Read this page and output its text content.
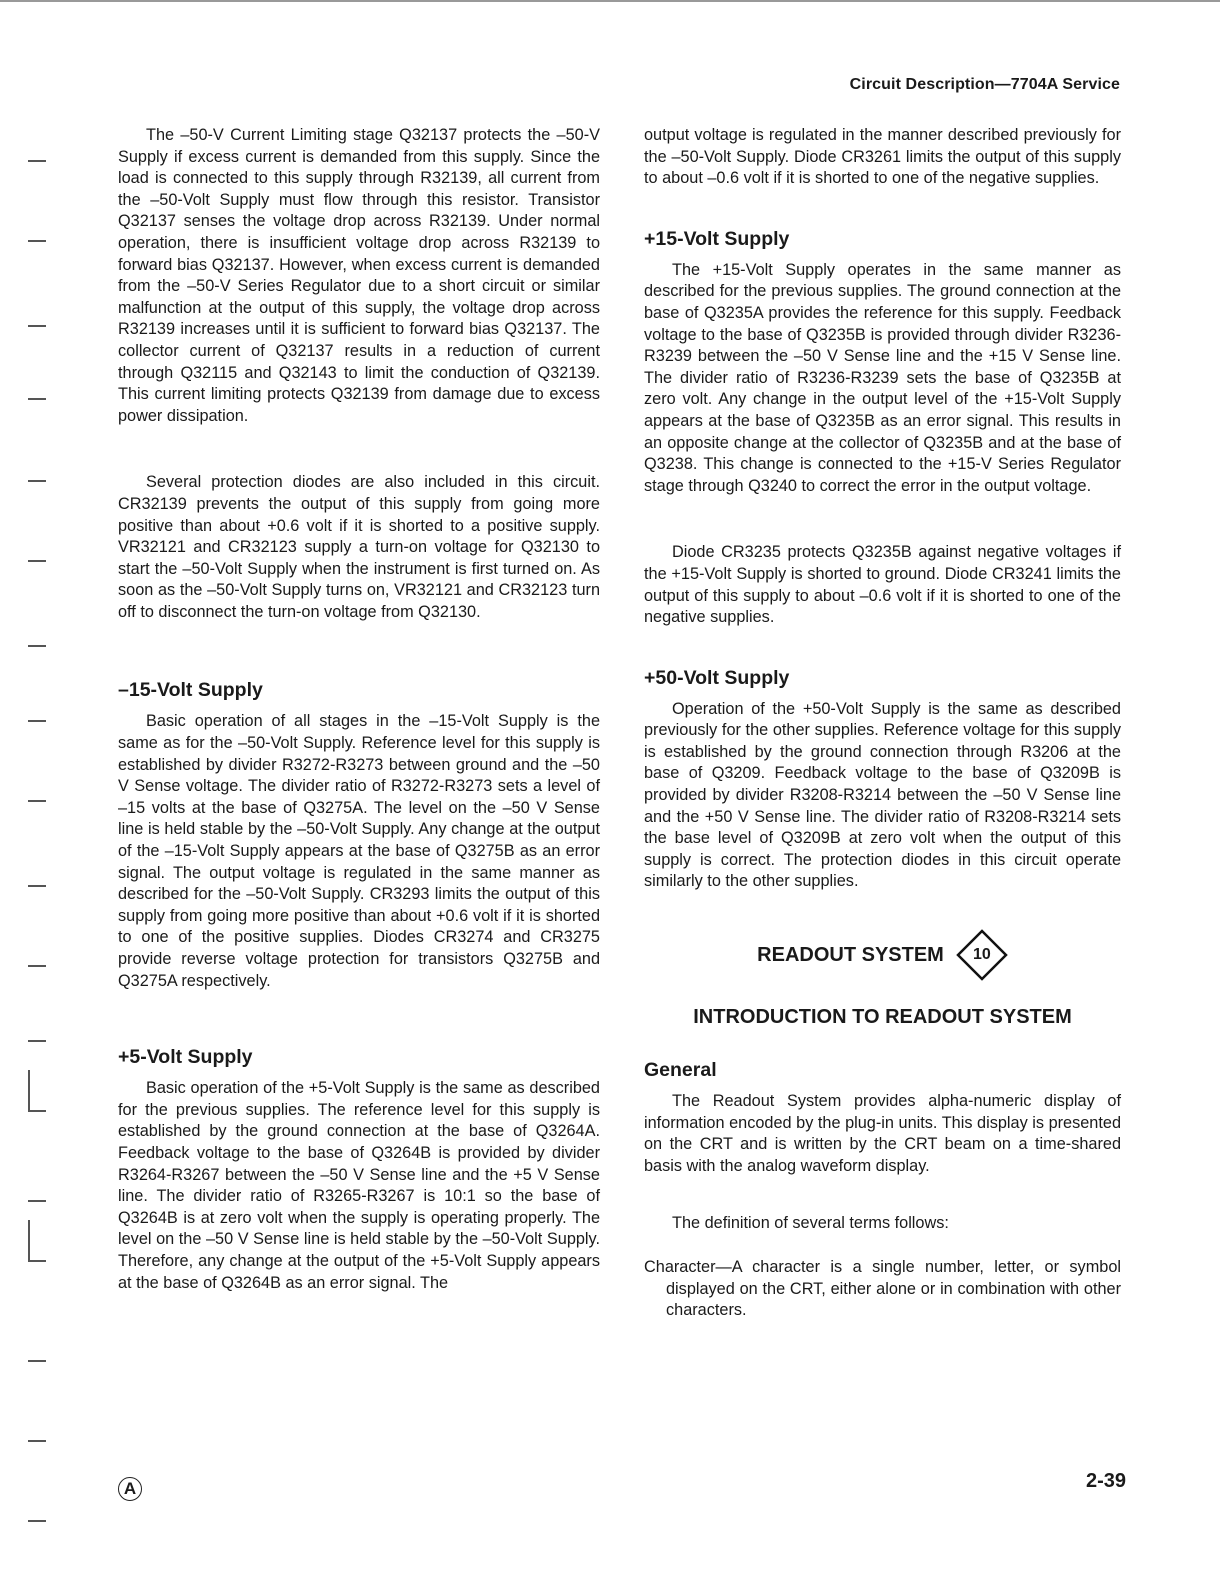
Circuit Description—7704A Service

The –50-V Current Limiting stage Q32137 protects the –50-V Supply if excess current is demanded from this supply. Since the load is connected to this supply through R32139, all current from the –50-Volt Supply must flow through this resistor. Transistor Q32137 senses the voltage drop across R32139. Under normal operation, there is insufficient voltage drop across R32139 to forward bias Q32137. However, when excess current is demanded from the –50-V Series Regulator due to a short circuit or similar malfunction at the output of this supply, the voltage drop across R32139 increases until it is sufficient to forward bias Q32137. The collector current of Q32137 results in a reduction of current through Q32115 and Q32143 to limit the conduction of Q32139. This current limiting protects Q32139 from damage due to excess power dissipation.

Several protection diodes are also included in this circuit. CR32139 prevents the output of this supply from going more positive than about +0.6 volt if it is shorted to a positive supply. VR32121 and CR32123 supply a turn-on voltage for Q32130 to start the –50-Volt Supply when the instrument is first turned on. As soon as the –50-Volt Supply turns on, VR32121 and CR32123 turn off to disconnect the turn-on voltage from Q32130.

–15-Volt Supply

Basic operation of all stages in the –15-Volt Supply is the same as for the –50-Volt Supply. Reference level for this supply is established by divider R3272-R3273 between ground and the –50 V Sense voltage. The divider ratio of R3272-R3273 sets a level of –15 volts at the base of Q3275A. The level on the –50 V Sense line is held stable by the –50-Volt Supply. Any change at the output of the –15-Volt Supply appears at the base of Q3275B as an error signal. The output voltage is regulated in the same manner as described for the –50-Volt Supply. CR3293 limits the output of this supply from going more positive than about +0.6 volt if it is shorted to one of the positive supplies. Diodes CR3274 and CR3275 provide reverse voltage protection for transistors Q3275B and Q3275A respectively.

+5-Volt Supply

Basic operation of the +5-Volt Supply is the same as described for the previous supplies. The reference level for this supply is established by the ground connection at the base of Q3264A. Feedback voltage to the base of Q3264B is provided by divider R3264-R3267 between the –50 V Sense line and the +5 V Sense line. The divider ratio of R3265-R3267 is 10:1 so the base of Q3264B is at zero volt when the supply is operating properly. The level on the –50 V Sense line is held stable by the –50-Volt Supply. Therefore, any change at the output of the +5-Volt Supply appears at the base of Q3264B as an error signal. The

output voltage is regulated in the manner described previously for the –50-Volt Supply. Diode CR3261 limits the output of this supply to about –0.6 volt if it is shorted to one of the negative supplies.

+15-Volt Supply

The +15-Volt Supply operates in the same manner as described for the previous supplies. The ground connection at the base of Q3235A provides the reference for this supply. Feedback voltage to the base of Q3235B is provided through divider R3236-R3239 between the –50 V Sense line and the +15 V Sense line. The divider ratio of R3236-R3239 sets the base of Q3235B at zero volt. Any change in the output level of the +15-Volt Supply appears at the base of Q3235B as an error signal. This results in an opposite change at the collector of Q3235B and at the base of Q3238. This change is connected to the +15-V Series Regulator stage through Q3240 to correct the error in the output voltage.

Diode CR3235 protects Q3235B against negative voltages if the +15-Volt Supply is shorted to ground. Diode CR3241 limits the output of this supply to about –0.6 volt if it is shorted to one of the negative supplies.

+50-Volt Supply

Operation of the +50-Volt Supply is the same as described previously for the other supplies. Reference voltage for this supply is established by the ground connection through R3206 at the base of Q3209. Feedback voltage to the base of Q3209B is provided by divider R3208-R3214 between the –50 V Sense line and the +50 V Sense line. The divider ratio of R3208-R3214 sets the base level of Q3209B at zero volt when the output of this supply is correct. The protection diodes in this circuit operate similarly to the other supplies.

READOUT SYSTEM	10
INTRODUCTION TO READOUT SYSTEM
General

The Readout System provides alpha-numeric display of information encoded by the plug-in units. This display is presented on the CRT and is written by the CRT beam on a time-shared basis with the analog waveform display.

The definition of several terms follows:

Character—A character is a single number, letter, or symbol displayed on the CRT, either alone or in combination with other characters.

A	2-39
